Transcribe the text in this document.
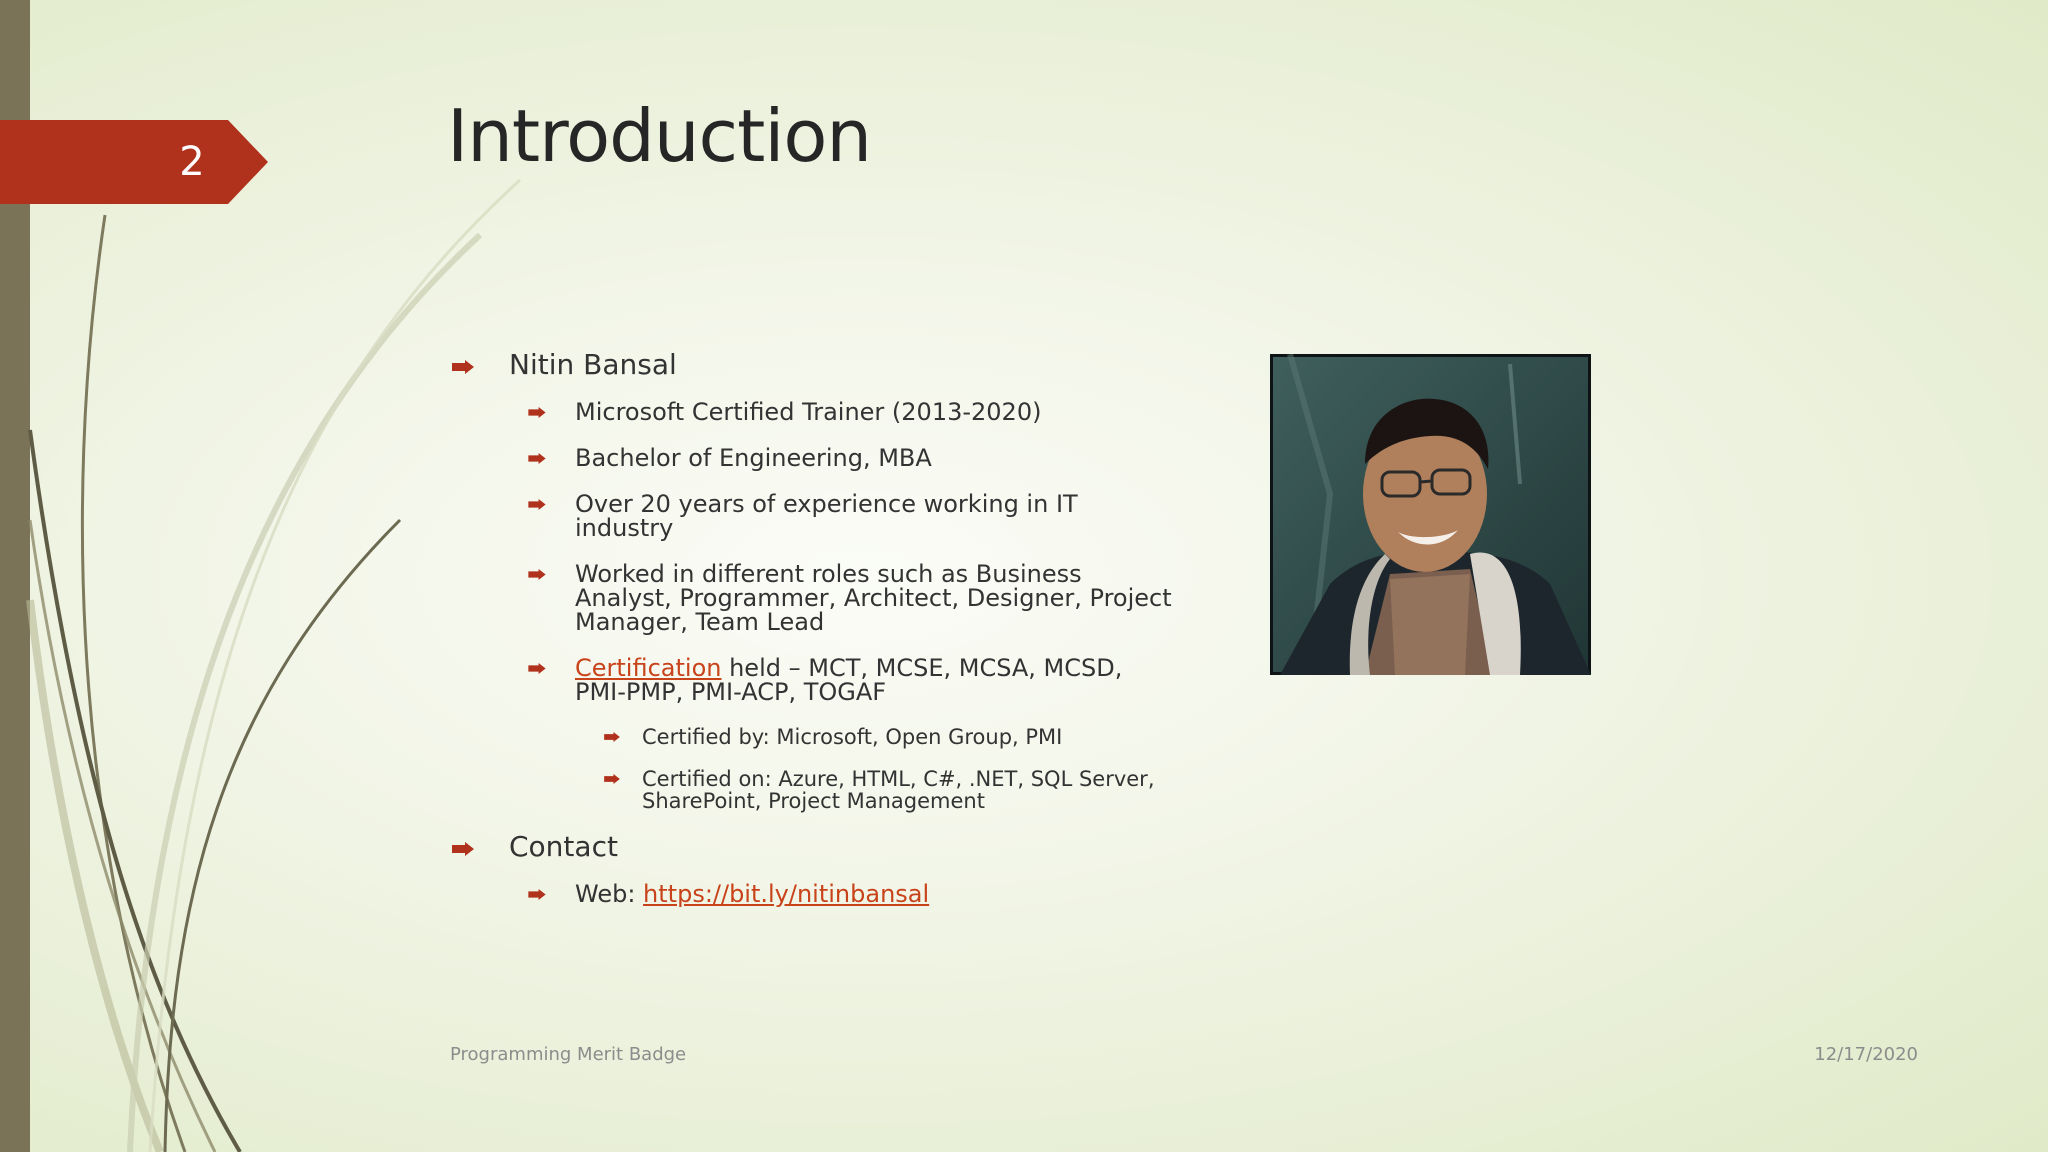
2	Introduction
Nitin Bansal
Microsoft Certified Trainer (2013-2020)
Bachelor of Engineering, MBA
Over 20 years of experience working in IT industry
Worked in different roles such as Business Analyst, Programmer, Architect, Designer, Project Manager, Team Lead
Certification held – MCT, MCSE, MCSA, MCSD, PMI-PMP, PMI-ACP, TOGAF
Certified by: Microsoft, Open Group, PMI
Certified on: Azure, HTML, C#, .NET, SQL Server, SharePoint, Project Management
Contact
Web: https://bit.ly/nitinbansal
Programming Merit Badge	12/17/2020
